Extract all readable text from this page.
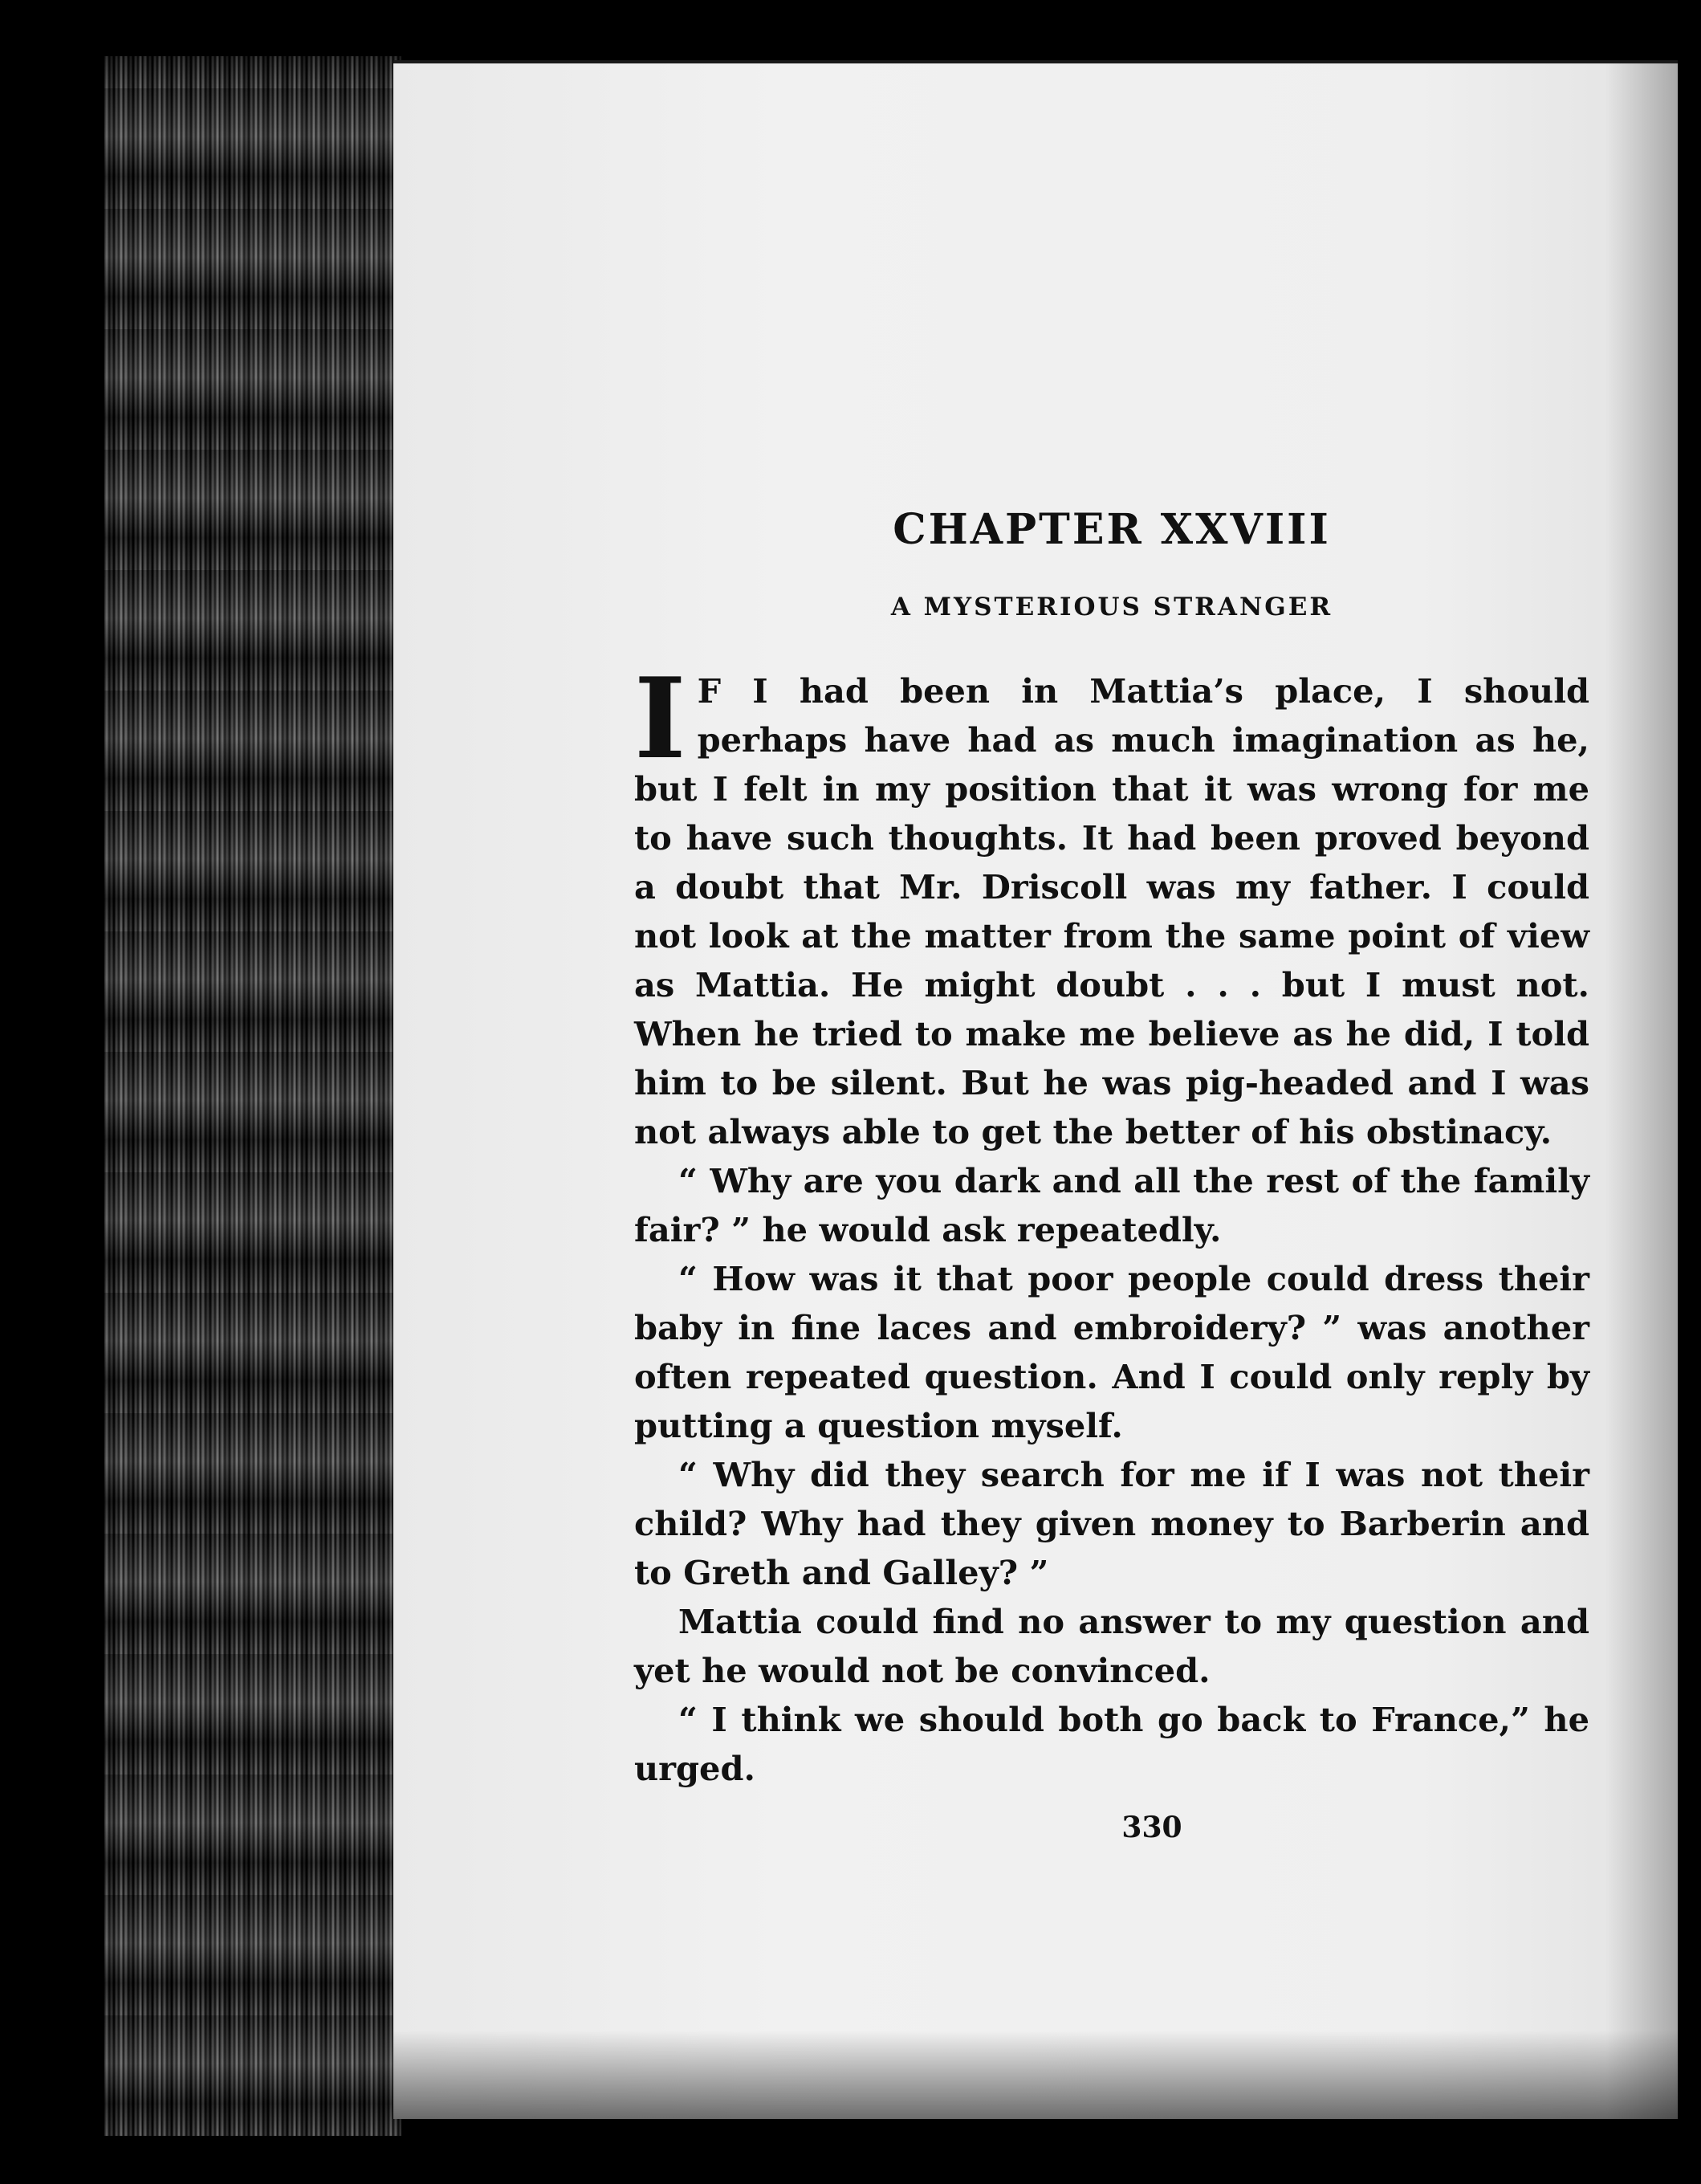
CHAPTER XXVIII
A MYSTERIOUS STRANGER

I F I had been in Mattia’s place, I should perhaps have had as much imagination as he, but I felt in my position that it was wrong for me to have such thoughts. It had been proved beyond a doubt that Mr. Driscoll was my father. I could not look at the matter from the same point of view as Mattia. He might doubt . . . but I must not. When he tried to make me believe as he did, I told him to be silent. But he was pig-headed and I was not always able to get the better of his obstinacy.

“ Why are you dark and all the rest of the family fair? ” he would ask repeatedly.

“ How was it that poor people could dress their baby in fine laces and embroidery? ” was another often repeated question. And I could only reply by putting a question myself.

“ Why did they search for me if I was not their child? Why had they given money to Barberin and to Greth and Galley? ”

Mattia could find no answer to my question and yet he would not be convinced.

“ I think we should both go back to France,” he urged.

330
